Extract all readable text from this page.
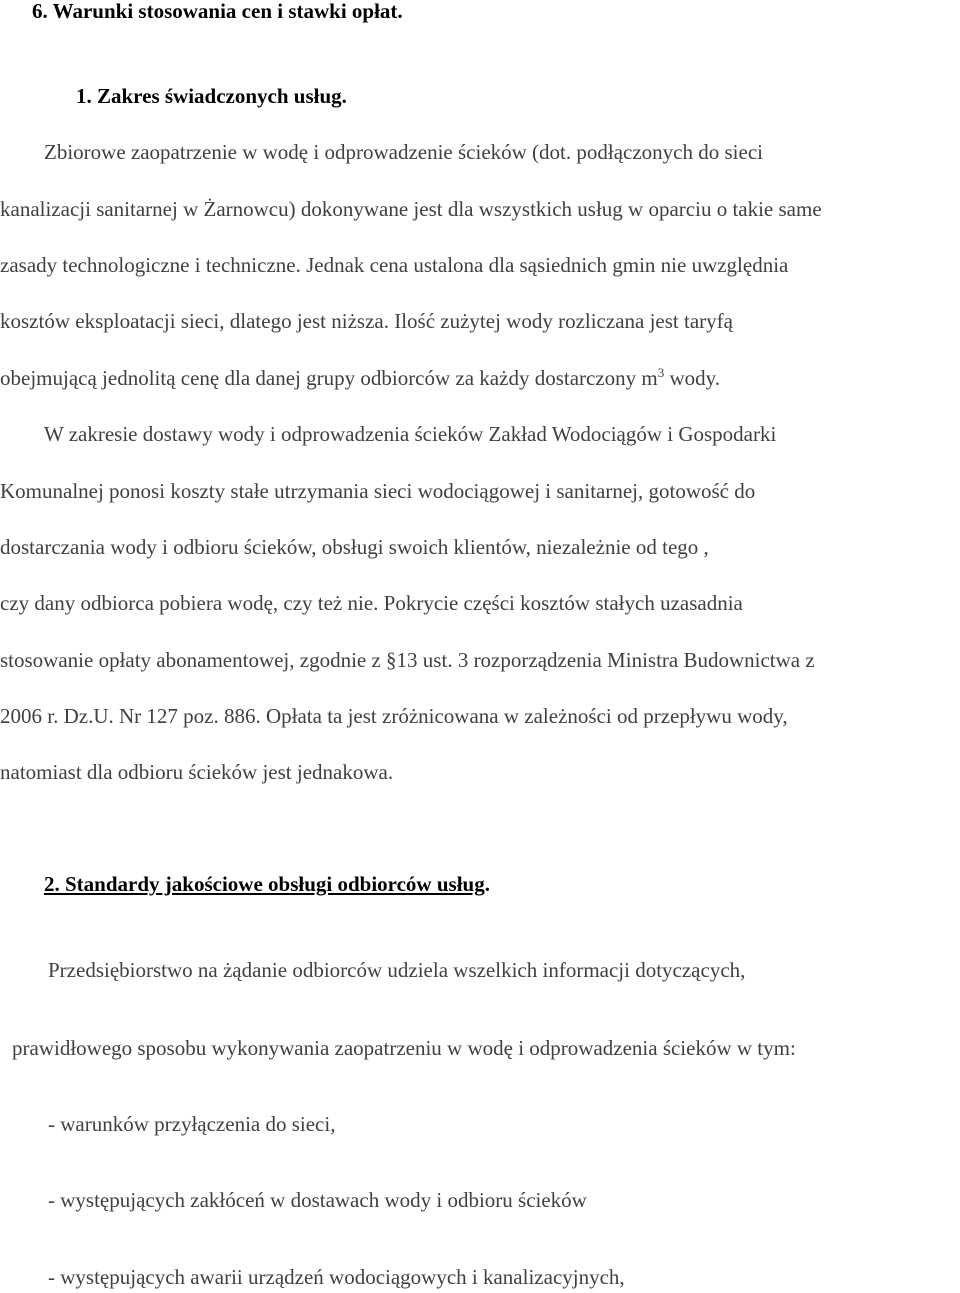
6. Warunki stosowania cen i stawki opłat.
1. Zakres świadczonych usług.
Zbiorowe zaopatrzenie w wodę i odprowadzenie ścieków (dot. podłączonych do sieci
kanalizacji sanitarnej w Żarnowcu) dokonywane jest dla wszystkich usług w oparciu o takie same
zasady technologiczne i techniczne. Jednak cena ustalona dla sąsiednich gmin nie uwzględnia
kosztów eksploatacji sieci, dlatego jest niższa. Ilość zużytej wody rozliczana jest taryfą
obejmującą jednolitą cenę dla danej grupy odbiorców za każdy dostarczony $m^3$ wody.
W zakresie dostawy wody i odprowadzenia ścieków Zakład Wodociągów i Gospodarki
Komunalnej ponosi koszty stałe utrzymania sieci wodociągowej i sanitarnej, gotowość do
dostarczania wody i odbioru ścieków, obsługi swoich klientów, niezależnie od tego ,
czy dany odbiorca pobiera wodę, czy też nie. Pokrycie części kosztów stałych uzasadnia
stosowanie opłaty abonamentowej, zgodnie z §13 ust. 3 rozporządzenia Ministra Budownictwa z
2006 r. Dz.U. Nr 127 poz. 886. Opłata ta jest zróżnicowana w zależności od przepływu wody,
natomiast dla odbioru ścieków jest jednakowa.
2. Standardy jakościowe obsługi odbiorców usług.
Przedsiębiorstwo na żądanie odbiorców udziela wszelkich informacji dotyczących,
prawidłowego sposobu wykonywania zaopatrzeniu w wodę i odprowadzenia ścieków w tym:
- warunków przyłączenia do sieci,
- występujących zakłóceń w dostawach wody i odbioru ścieków
- występujących awarii urządzeń wodociągowych i kanalizacyjnych,
